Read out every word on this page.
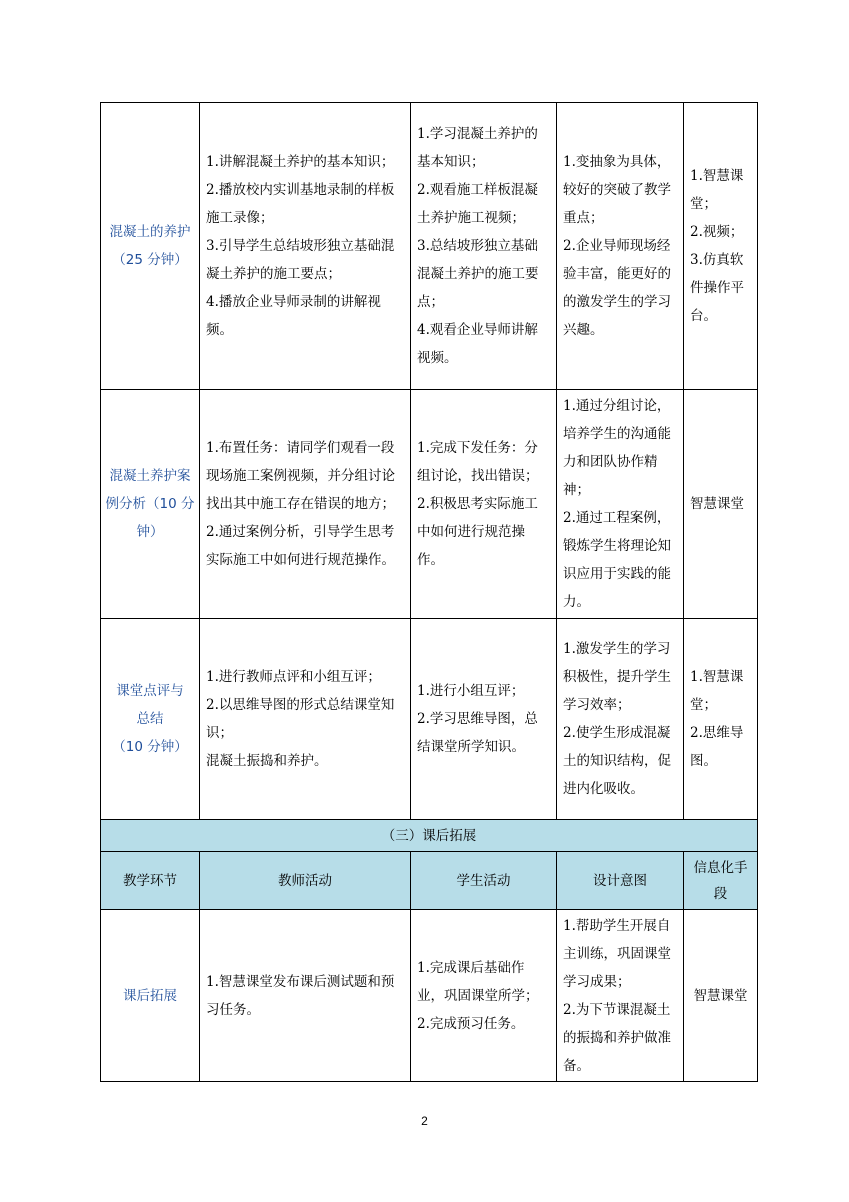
混凝土的养护（25 分钟）	1.讲解混凝土养护的基本知识；
2.播放校内实训基地录制的样板施工录像；
3.引导学生总结坡形独立基础混凝土养护的施工要点；
4.播放企业导师录制的讲解视频。	1.学习混凝土养护的基本知识；
2.观看施工样板混凝土养护施工视频；
3.总结坡形独立基础混凝土养护的施工要点；
4.观看企业导师讲解视频。	1.变抽象为具体，较好的突破了教学重点；
2.企业导师现场经验丰富，能更好的的激发学生的学习兴趣。	1.智慧课堂；
2.视频；
3.仿真软件操作平台。

混凝土养护案例分析（10 分钟）	1.布置任务：请同学们观看一段现场施工案例视频，并分组讨论找出其中施工存在错误的地方；
2.通过案例分析，引导学生思考实际施工中如何进行规范操作。	1.完成下发任务：分组讨论，找出错误；
2.积极思考实际施工中如何进行规范操作。	1.通过分组讨论，培养学生的沟通能力和团队协作精神；
2.通过工程案例，锻炼学生将理论知识应用于实践的能力。	智慧课堂

课堂点评与
总结
（10 分钟）	1.进行教师点评和小组互评；
2.以思维导图的形式总结课堂知识；
混凝土振捣和养护。	1.进行小组互评；
2.学习思维导图，总结课堂所学知识。	1.激发学生的学习积极性，提升学生学习效率；
2.使学生形成混凝土的知识结构，促进内化吸收。	1.智慧课堂；
2.思维导图。

（三）课后拓展				
教学环节	教师活动	学生活动	设计意图	信息化手段
课后拓展	1.智慧课堂发布课后测试题和预习任务。	1.完成课后基础作业，巩固课堂所学；
2.完成预习任务。	1.帮助学生开展自主训练，巩固课堂学习成果；
2.为下节课混凝土的振捣和养护做准备。	智慧课堂
2
